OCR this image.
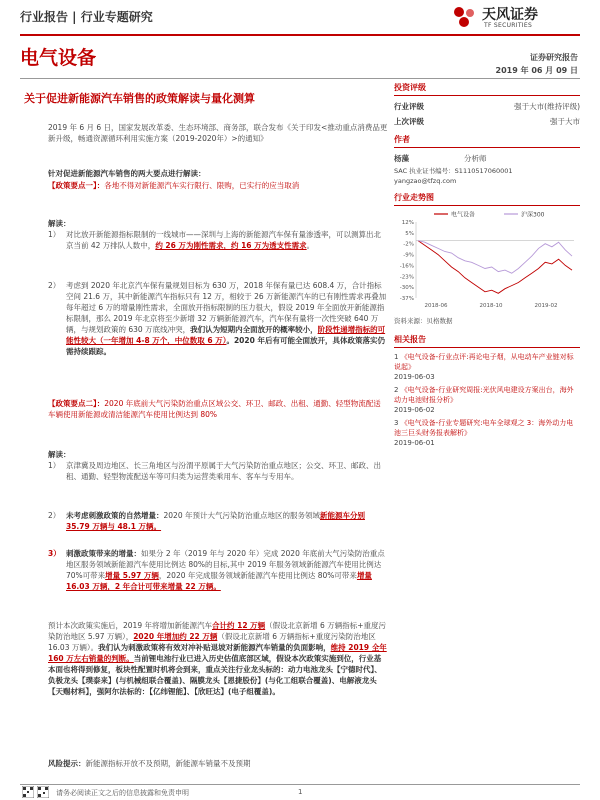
行业报告 | 行业专题研究	天风证券
TF SECURITIES
电气设备	证券研究报告
2019 年 06 月 09 日
关于促进新能源汽车销售的政策解读与量化测算
2019 年 6 月 6 日，国家发展改革委、生态环境部、商务部，联合发布《关于印发<推动重点消费品更新升级，畅通资源循环利用实施方案（2019-2020年）>的通知》
针对促进新能源汽车销售的两大要点进行解读：
【政策要点一】：各地不得对新能源汽车实行限行、限购，已实行的应当取消
解读：
1） 对比放开新能源指标限制的一线城市——深圳与上海的新能源汽车保有量渗透率，可以测算出北京当前 42 万排队人数中，约 26 万为刚性需求，约 16 万为透支性需求。
2） 考虑到 2020 年北京汽车保有量规划目标为 630 万，2018 年保有量已达 608.4 万，合计指标空间 21.6 万，其中新能源汽车指标只有 12 万，相较于 26 万新能源汽车的已有刚性需求再叠加每年超过 6 万的增量刚性需求，全面放开指标限制的压力很大，假设 2019 年全面放开新能源指标限制，那么 2019 年北京将至少新增 32 万辆新能源汽车，汽车保有量将一次性突破 640 万辆，与规划政策的 630 万底线冲突，我们认为短期内全面放开的概率较小，阶段性递增指标的可能性较大（一年增加 4-8 万个，中位数取 6 万）。2020 年后有可能全面放开，具体政策落实仍需持续跟踪。
【政策要点二】：2020 年底前大气污染防治重点区域公交、环卫、邮政、出租、通勤、轻型物流配送车辆使用新能源或清洁能源汽车使用比例达到 80%
解读：
1） 京津冀及周边地区、长三角地区与汾渭平原属于大气污染防治重点地区；公交、环卫、邮政、出租、通勤、轻型物流配送车等可归类为运营类乘用车、客车与专用车。
2） 未考虑刺激政策的自然增量：2020 年预计大气污染防治重点地区的服务领域新能源车分别 35.79 万辆与 48.1 万辆。
3） 刺激政策带来的增量：如果分 2 年（2019 年与 2020 年）完成 2020 年底前大气污染防治重点地区服务领域新能源汽车使用比例达 80%的目标,其中 2019 年服务领域新能源汽车使用比例达 70%可带来增量 5.97 万辆，2020 年完成服务领域新能源汽车使用比例达 80%可带来增量 16.03 万辆，2 年合计可带来增量 22 万辆。
预计本次政策实施后，2019 年将增加新能源汽车合计约 12 万辆（假设北京新增 6 万辆指标+重度污染防治地区 5.97 万辆），2020 年增加约 22 万辆（假设北京新增 6 万辆指标+重度污染防治地区 16.03 万辆）。我们认为刺激政策将有效对冲补贴退坡对新能源汽车销量的负面影响，维持 2019 全年 160 万左右销量的判断。当前锂电池行业已进入历史估值底部区域，假设本次政策实施到位，行业基本面也将得到修复，板块性配置时机将会到来，重点关注行业龙头标的：动力电池龙头【宁德时代】、负极龙头【璞泰来】(与机械组联合覆盖)、隔膜龙头【恩捷股份】(与化工组联合覆盖)、电解液龙头【天赐材料】，强阿尔法标的：【亿纬锂能】、【欣旺达】(电子组覆盖)。
风险提示：新能源指标开放不及预期，新能源车销量不及预期
投资评级
行业评级	强于大市(维持评级)
上次评级	强于大市
作者
杨藻	分析师
SAC 执业证书编号：S1110517060001
yangzao@tfzq.com
行业走势图
电气设备	沪深300
12%
5%
-2%
-9%
-16%
-23%
-30%
-37%
2018-06	2018-10	2019-02
资料来源：贝格数据
相关报告
1 《电气设备-行业点评:再论电子烟，从电动车产业链对标说起》
2019-06-03
2 《电气设备-行业研究周报:光伏风电建设方案出台，海外动力电池财报分析》
2019-06-02
3 《电气设备-行业专题研究:电车全球观之 3：海外动力电池三巨头财务报表解析》
2019-06-01
请务必阅读正文之后的信息披露和免责申明	1
